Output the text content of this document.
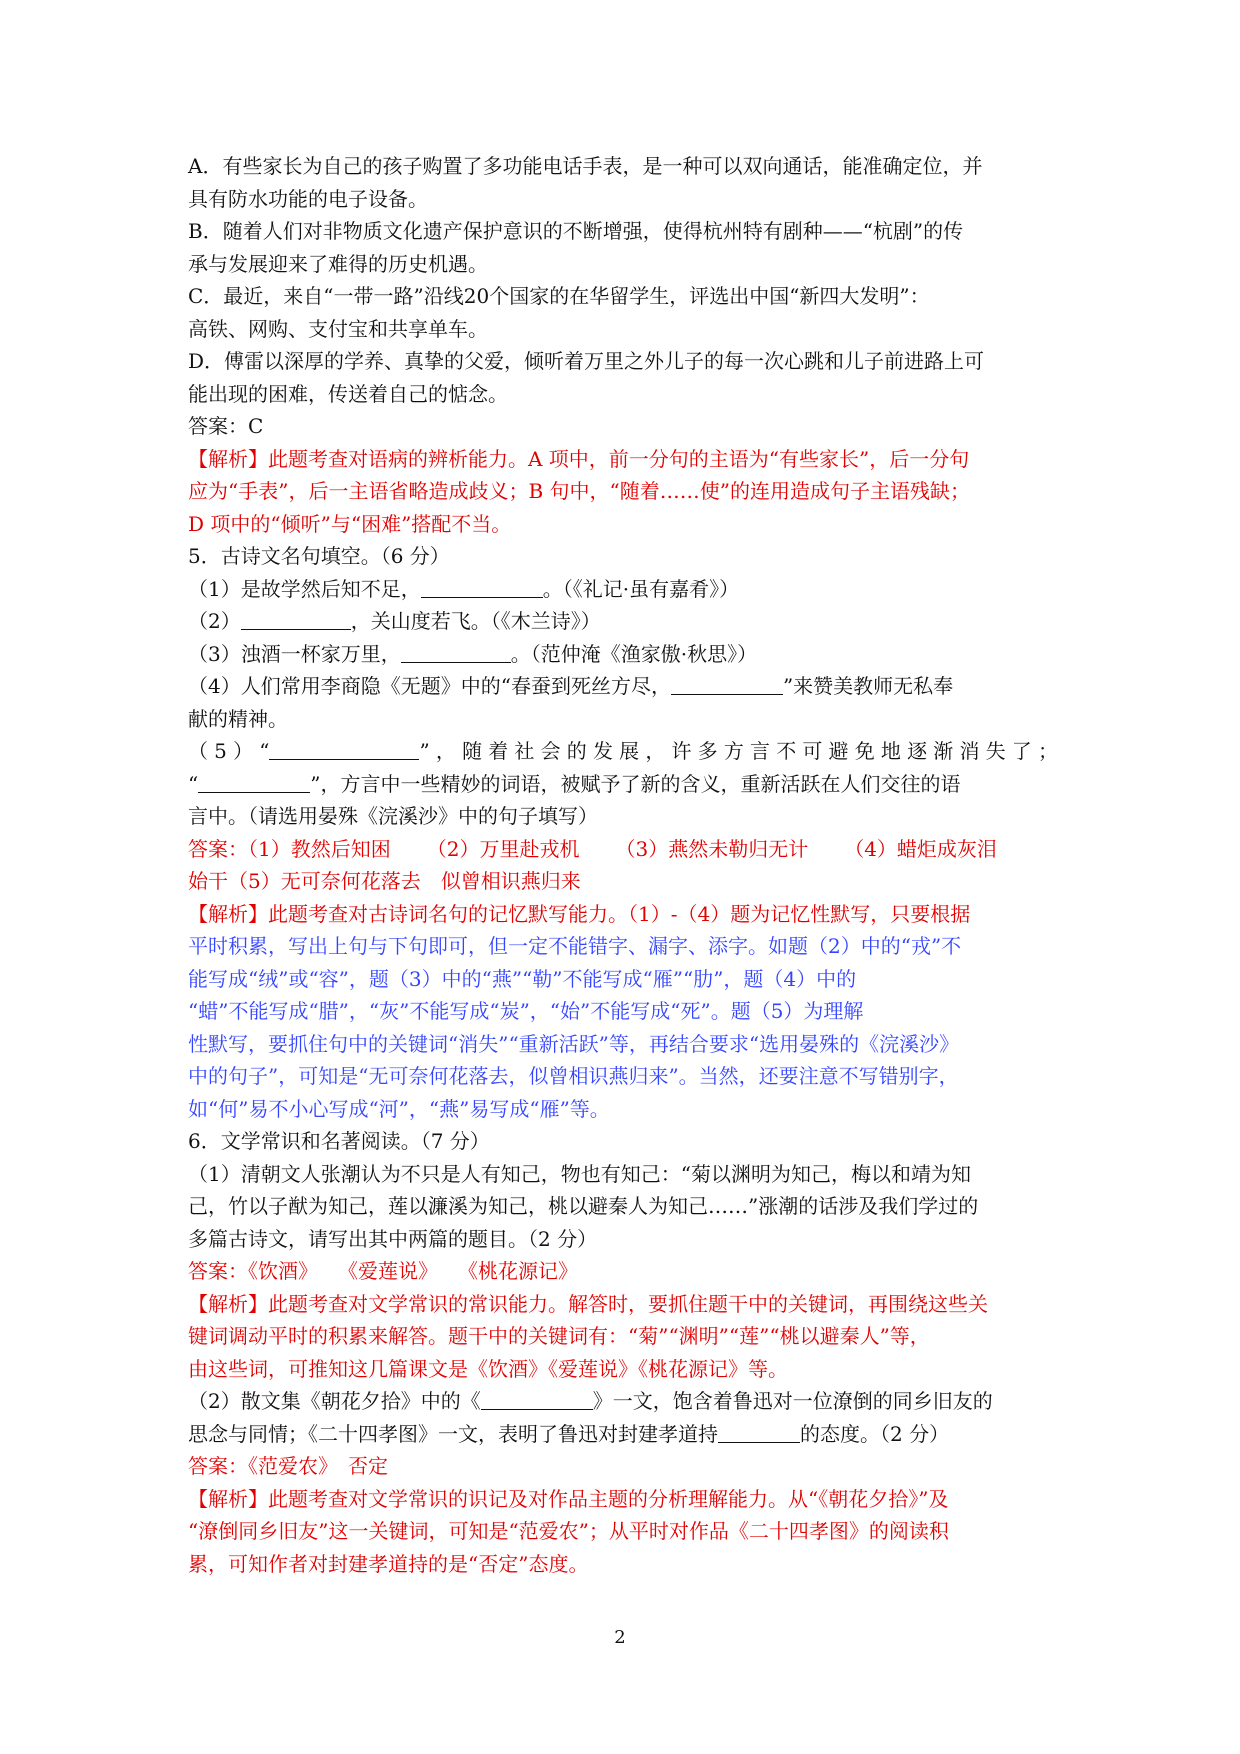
A．有些家长为自己的孩子购置了多功能电话手表，是一种可以双向通话，能准确定位，并

具有防水功能的电子设备。

B．随着人们对非物质文化遗产保护意识的不断增强，使得杭州特有剧种——“杭剧”的传

承与发展迎来了难得的历史机遇。

C．最近，来自“一带一路”沿线20个国家的在华留学生，评选出中国“新四大发明”：

高铁、网购、支付宝和共享单车。

D．傅雷以深厚的学养、真挚的父爱，倾听着万里之外儿子的每一次心跳和儿子前进路上可

能出现的困难，传送着自己的惦念。

答案：C

【解析】此题考查对语病的辨析能力。A 项中，前一分句的主语为“有些家长”，后一分句

应为“手表”，后一主语省略造成歧义；B 句中，“随着……使”的连用造成句子主语残缺；

D 项中的“倾听”与“困难”搭配不当。

5．古诗文名句填空。（6 分）

（1）是故学然后知不足，	。（《礼记·虽有嘉肴》）

（2）	，关山度若飞。（《木兰诗》）

（3）浊酒一杯家万里，	。（范仲淹《渔家傲·秋思》）

（4）人们常用李商隐《无题》中的“春蚕到死丝方尽，	”来赞美教师无私奉

献的精神。

（5）“	”，随着社会的发展，许多方言不可避免地逐渐消失了；

“	”，方言中一些精妙的词语，被赋予了新的含义，重新活跃在人们交往的语

言中。（请选用晏殊《浣溪沙》中的句子填写）

答案：（1）教然后知困 （2）万里赴戎机 （3）燕然未勒归无计 （4）蜡炬成灰泪

始干（5）无可奈何花落去　似曾相识燕归来

【解析】此题考查对古诗词名句的记忆默写能力。（1）-（4）题为记忆性默写，只要根据

平时积累，写出上句与下句即可，但一定不能错字、漏字、添字。如题（2）中的“戎”不

能写成“绒”或“容”，题（3）中的“燕”“勒”不能写成“雁”“肋”，题（4）中的

“蜡”不能写成“腊”，“灰”不能写成“炭”，“始”不能写成“死”。题（5）为理解

性默写，要抓住句中的关键词“消失”“重新活跃”等，再结合要求“选用晏殊的《浣溪沙》

中的句子”，可知是“无可奈何花落去，似曾相识燕归来”。当然，还要注意不写错别字，

如“何”易不小心写成“河”，“燕”易写成“雁”等。

6．文学常识和名著阅读。（7 分）

（1）清朝文人张潮认为不只是人有知己，物也有知己：“菊以渊明为知己，梅以和靖为知

己，竹以子猷为知己，莲以濂溪为知己，桃以避秦人为知己……”涨潮的话涉及我们学过的

多篇古诗文，请写出其中两篇的题目。（2 分）

答案：《饮酒》　　《爱莲说》　　《桃花源记》

【解析】此题考查对文学常识的常识能力。解答时，要抓住题干中的关键词，再围绕这些关

键词调动平时的积累来解答。题干中的关键词有：“菊”“渊明”“莲”“桃以避秦人”等，

由这些词，可推知这几篇课文是《饮酒》《爱莲说》《桃花源记》等。

（2）散文集《朝花夕拾》中的《	》一文，饱含着鲁迅对一位潦倒的同乡旧友的

思念与同情；《二十四孝图》一文，表明了鲁迅对封建孝道持	的态度。（2 分）

答案：《范爱农》　否定

【解析】此题考查对文学常识的识记及对作品主题的分析理解能力。从“《朝花夕拾》”及

“潦倒同乡旧友”这一关键词，可知是“范爱农”；从平时对作品《二十四孝图》的阅读积

累，可知作者对封建孝道持的是“否定”态度。

2
